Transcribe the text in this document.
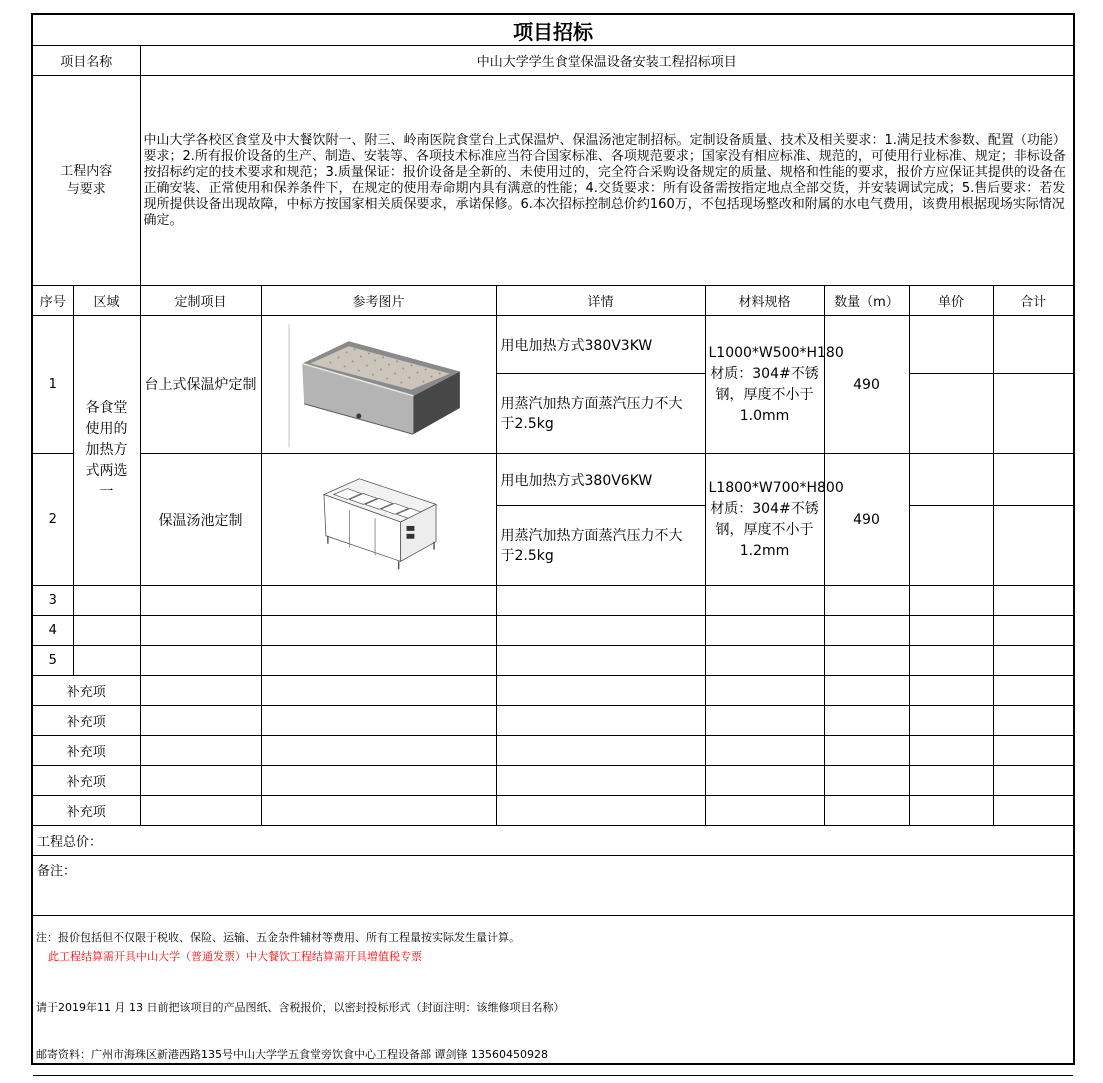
项目招标								
项目名称		中山大学学生食堂保温设备安装工程招标项目						

工程内容与要求		中山大学各校区食堂及中大餐饮附一、附三、岭南医院食堂台上式保温炉、保温汤池定制招标。定制设备质量、技术及相关要求：1.满足技术参数、配置（功能）要求；2.所有报价设备的生产、制造、安装等、各项技术标准应当符合国家标准、各项规范要求；国家没有相应标准、规范的，可使用行业标准、规定；非标设备按招标约定的技术要求和规范；3.质量保证：报价设备是全新的、未使用过的，完全符合采购设备规定的质量、规格和性能的要求，报价方应保证其提供的设备在正确安装、正常使用和保养条件下，在规定的使用寿命期内具有满意的性能；4.交货要求：所有设备需按指定地点全部交货，并安装调试完成；5.售后要求：若发现所提供设备出现故障，中标方按国家相关质保要求，承诺保修。6.本次招标控制总价约160万，不包括现场整改和附属的水电气费用，该费用根据现场实际情况确定。						
序号	区域	定制项目	参考图片	详情	材料规格	数量（m）	单价	合计
1	各食堂使用的加热方式两选一	台上式保温炉定制		用电加热方式380V3KW	L1000*W500*H180 材质：304#不锈钢，厚度不小于1.0mm	490		

				用蒸汽加热方面蒸汽压力不大于2.5kg				

2		保温汤池定制		用电加热方式380V6KW	L1800*W700*H800 材质：304#不锈钢，厚度不小于1.2mm	490		

				用蒸汽加热方面蒸汽压力不大于2.5kg				

3								
4								
5								
补充项								
补充项								
补充项								
补充项								
补充项								
工程总价：								
备注：								

注：报价包括但不仅限于税收、保险、运输、五金杂件辅材等费用、所有工程量按实际发生量计算。
此工程结算需开具中山大学（普通发票）中大餐饮工程结算需开具增值税专票
请于2019年11 月 13 日前把该项目的产品图纸、含税报价，以密封投标形式（封面注明：该维修项目名称）
邮寄资料：广州市海珠区新港西路135号中山大学学五食堂旁饮食中心工程设备部 谭剑锋 13560450928								
